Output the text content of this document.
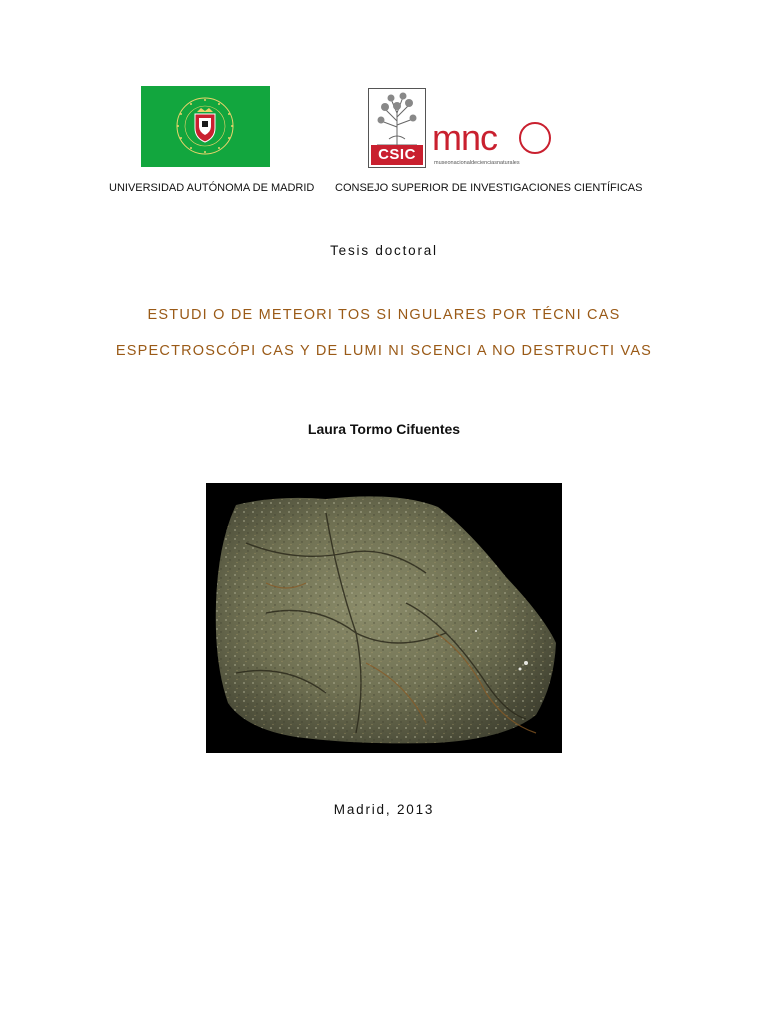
CSIC mnc
museonacionaldecienciasnaturales
UNIVERSIDAD AUTÓNOMA DE MADRID CONSEJO SUPERIOR DE INVESTIGACIONES CIENTÍFICAS
Tesis doctoral
ESTUDI O DE METEORI TOS SI NGULARES POR TÉCNI CAS
ESPECTROSCÓPI CAS Y DE LUMI NI SCENCI A NO DESTRUCTI VAS
Laura Tormo Cifuentes
Madrid, 2013
